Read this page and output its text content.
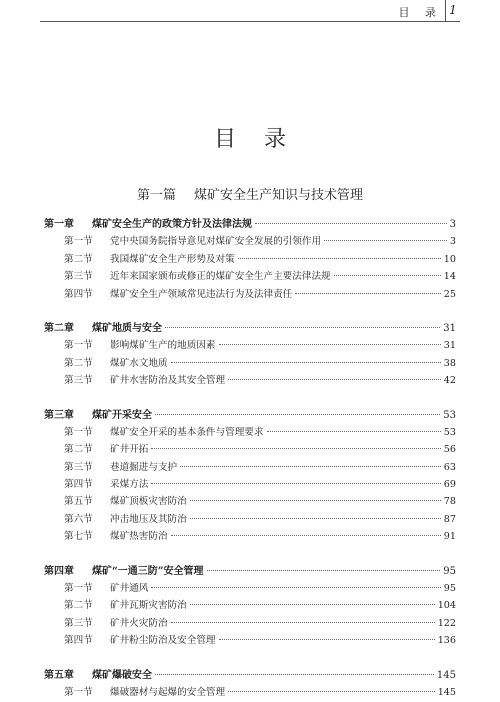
目 录 1
目录
第一篇 煤矿安全生产知识与技术管理
第一章	煤矿安全生产的政策方针及法律法规	3
第一节	党中央国务院指导意见对煤矿安全发展的引领作用	3
第二节	我国煤矿安全生产形势及对策	10
第三节	近年来国家颁布或修正的煤矿安全生产主要法律法规	14
第四节	煤矿安全生产领域常见违法行为及法律责任	25
第二章	煤矿地质与安全	31
第一节	影响煤矿生产的地质因素	31
第二节	煤矿水文地质	38
第三节	矿井水害防治及其安全管理	42
第三章	煤矿开采安全	53
第一节	煤矿安全开采的基本条件与管理要求	53
第二节	矿井开拓	56
第三节	巷道掘进与支护	63
第四节	采煤方法	69
第五节	煤矿顶板灾害防治	78
第六节	冲击地压及其防治	87
第七节	煤矿热害防治	91
第四章	煤矿“一通三防”安全管理	95
第一节	矿井通风	95
第二节	矿井瓦斯灾害防治	104
第三节	矿井火灾防治	122
第四节	矿井粉尘防治及安全管理	136
第五章	煤矿爆破安全	145
第一节	爆破器材与起爆的安全管理	145
